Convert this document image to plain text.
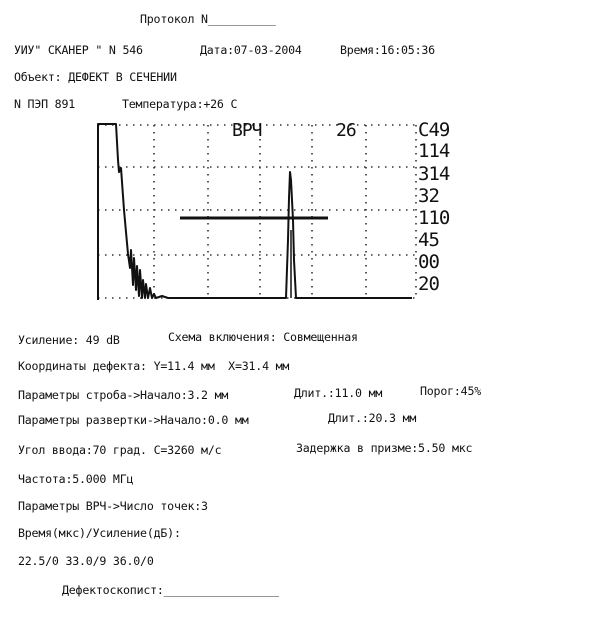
Протокол N__________
УИУ" СКАНЕР " N 546	Дата:07-03-2004	Время:16:05:36
Объект: ДЕФЕКТ В СЕЧЕНИИ
N ПЭП 891	Температура:+26 С
ВРЧ	26	С49
114
314
32
110
45
00
20
Усиление: 49 dB	Схема включения: Совмещенная
Координаты дефекта: Y=11.4 мм  X=31.4 мм
Параметры строба->Начало:3.2 мм	Длит.:11.0 мм	Порог:45%
Параметры развертки->Начало:0.0 мм	Длит.:20.3 мм
Угол ввода:70 град. С=3260 м/с	Задержка в призме:5.50 мкс
Частота:5.000 МГц
Параметры ВРЧ->Число точек:3
Время(мкс)/Усиление(дБ):
22.5/0 33.0/9 36.0/0
Дефектоскопист:_________________
